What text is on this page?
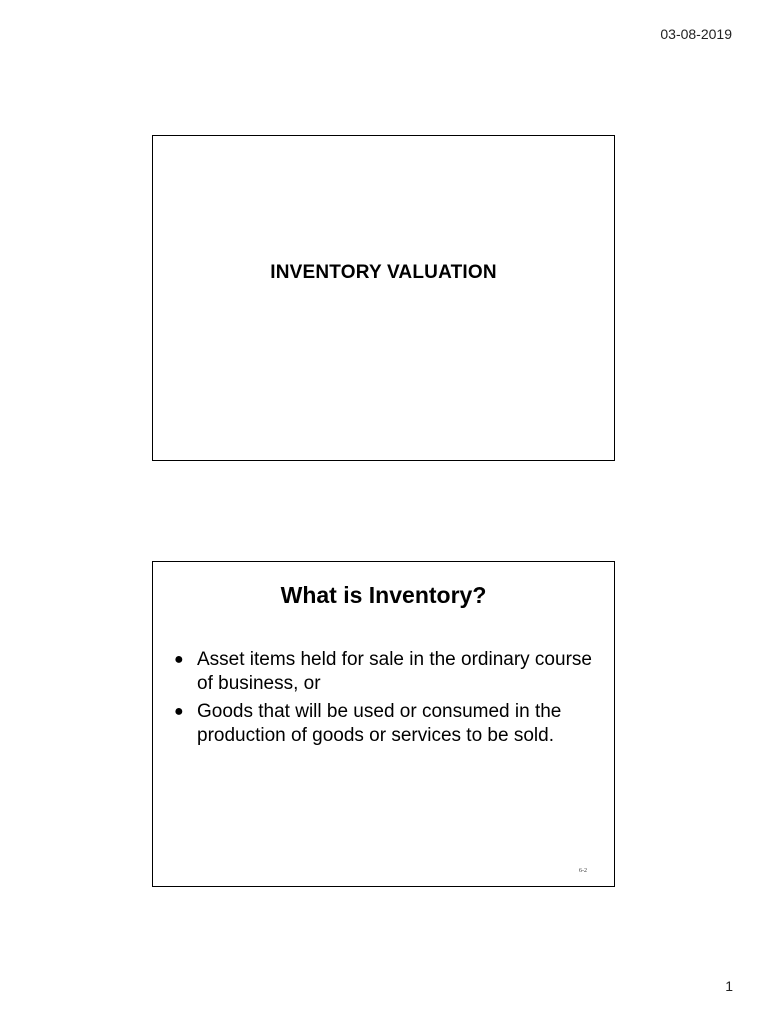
03-08-2019
INVENTORY VALUATION
What is Inventory?
● Asset items held for sale in the ordinary course of business, or
● Goods that will be used or consumed in the production of goods or services to be sold.
6-2
1
